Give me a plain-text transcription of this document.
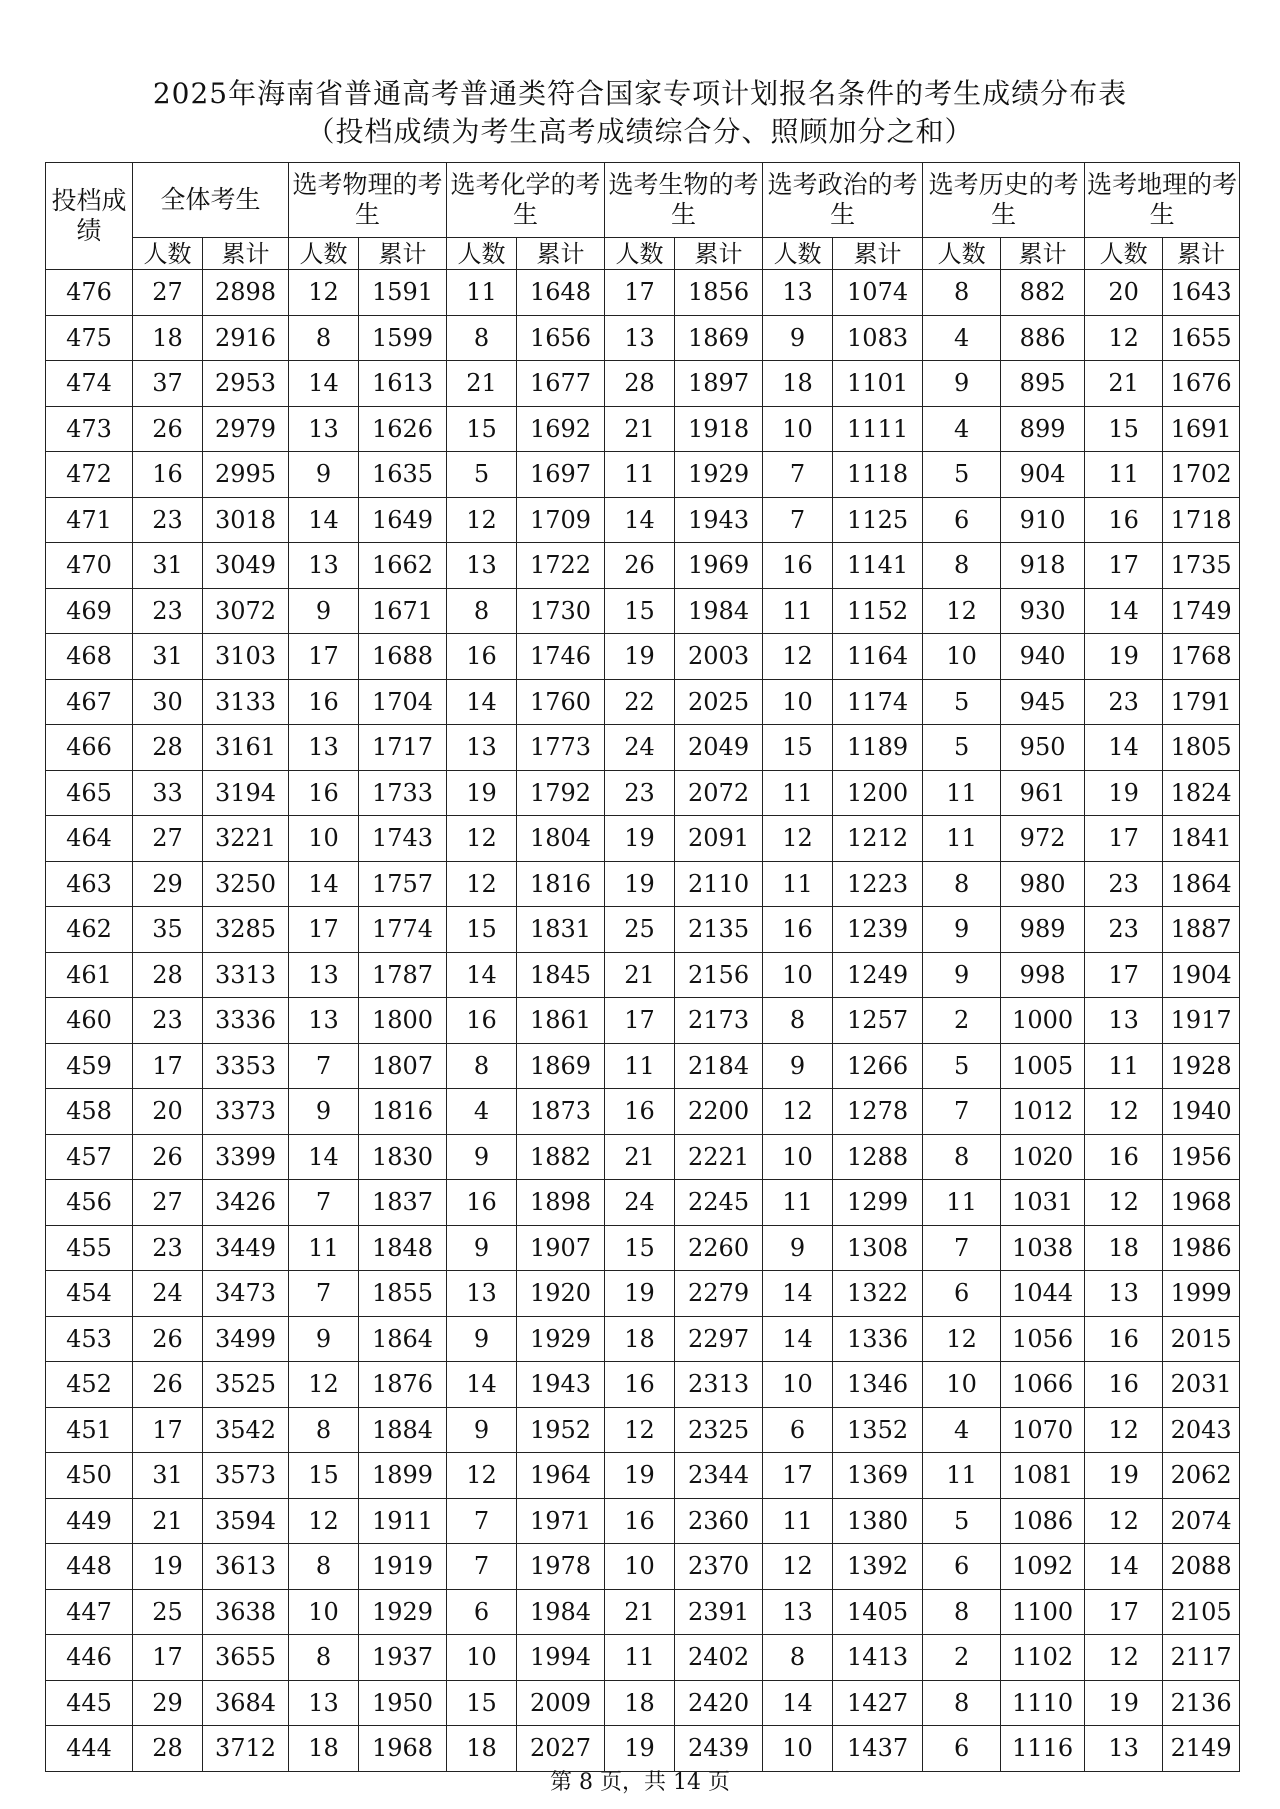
2025年海南省普通高考普通类符合国家专项计划报名条件的考生成绩分布表
（投档成绩为考生高考成绩综合分、照顾加分之和）
投档成绩	全体考生		选考物理的考生		选考化学的考生		选考生物的考生		选考政治的考生		选考历史的考生		选考地理的考生	
	人数	累计	人数	累计	人数	累计	人数	累计	人数	累计	人数	累计	人数	累计
476	27	2898	12	1591	11	1648	17	1856	13	1074	8	882	20	1643
475	18	2916	8	1599	8	1656	13	1869	9	1083	4	886	12	1655
474	37	2953	14	1613	21	1677	28	1897	18	1101	9	895	21	1676
473	26	2979	13	1626	15	1692	21	1918	10	1111	4	899	15	1691
472	16	2995	9	1635	5	1697	11	1929	7	1118	5	904	11	1702
471	23	3018	14	1649	12	1709	14	1943	7	1125	6	910	16	1718
470	31	3049	13	1662	13	1722	26	1969	16	1141	8	918	17	1735
469	23	3072	9	1671	8	1730	15	1984	11	1152	12	930	14	1749
468	31	3103	17	1688	16	1746	19	2003	12	1164	10	940	19	1768
467	30	3133	16	1704	14	1760	22	2025	10	1174	5	945	23	1791
466	28	3161	13	1717	13	1773	24	2049	15	1189	5	950	14	1805
465	33	3194	16	1733	19	1792	23	2072	11	1200	11	961	19	1824
464	27	3221	10	1743	12	1804	19	2091	12	1212	11	972	17	1841
463	29	3250	14	1757	12	1816	19	2110	11	1223	8	980	23	1864
462	35	3285	17	1774	15	1831	25	2135	16	1239	9	989	23	1887
461	28	3313	13	1787	14	1845	21	2156	10	1249	9	998	17	1904
460	23	3336	13	1800	16	1861	17	2173	8	1257	2	1000	13	1917
459	17	3353	7	1807	8	1869	11	2184	9	1266	5	1005	11	1928
458	20	3373	9	1816	4	1873	16	2200	12	1278	7	1012	12	1940
457	26	3399	14	1830	9	1882	21	2221	10	1288	8	1020	16	1956
456	27	3426	7	1837	16	1898	24	2245	11	1299	11	1031	12	1968
455	23	3449	11	1848	9	1907	15	2260	9	1308	7	1038	18	1986
454	24	3473	7	1855	13	1920	19	2279	14	1322	6	1044	13	1999
453	26	3499	9	1864	9	1929	18	2297	14	1336	12	1056	16	2015
452	26	3525	12	1876	14	1943	16	2313	10	1346	10	1066	16	2031
451	17	3542	8	1884	9	1952	12	2325	6	1352	4	1070	12	2043
450	31	3573	15	1899	12	1964	19	2344	17	1369	11	1081	19	2062
449	21	3594	12	1911	7	1971	16	2360	11	1380	5	1086	12	2074
448	19	3613	8	1919	7	1978	10	2370	12	1392	6	1092	14	2088
447	25	3638	10	1929	6	1984	21	2391	13	1405	8	1100	17	2105
446	17	3655	8	1937	10	1994	11	2402	8	1413	2	1102	12	2117
445	29	3684	13	1950	15	2009	18	2420	14	1427	8	1110	19	2136
444	28	3712	18	1968	18	2027	19	2439	10	1437	6	1116	13	2149
第 8 页，共 14 页
